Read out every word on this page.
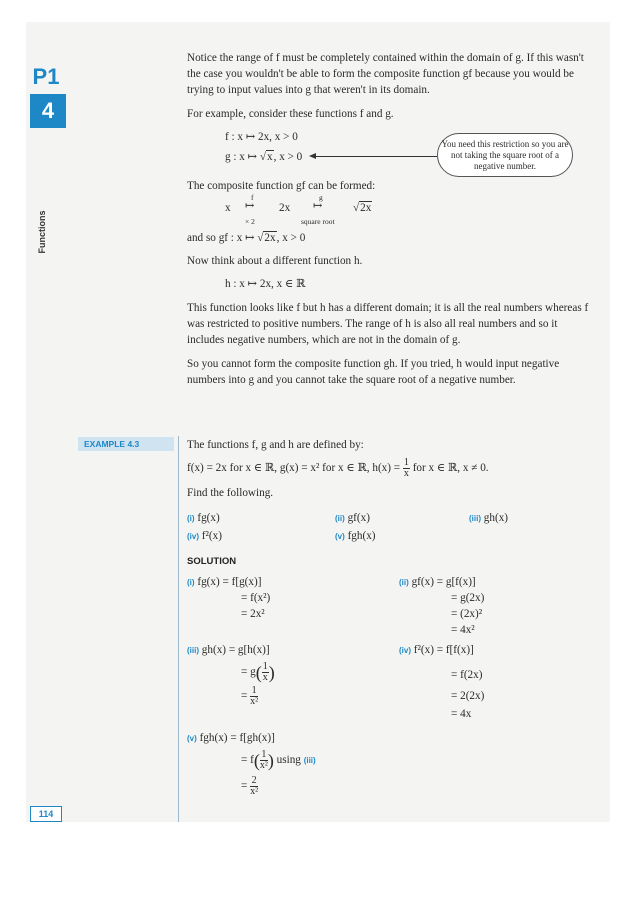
P1
4
Functions
114
EXAMPLE 4.3

Notice the range of f must be completely contained within the domain of g. If this wasn't the case you wouldn't be able to form the composite function gf because you would be trying to input values into g that weren't in its domain.

For example, consider these functions f and g.

f : x ↦ 2x, x > 0
g : x ↦ √x, x > 0
You need this restriction so you are not taking the square root of a negative number.

The composite function gf can be formed:

x
f
↦
× 2
2x
g
↦
square root
√2x
and so gf : x ↦ √2x, x > 0

Now think about a different function h.

h : x ↦ 2x, x ∈ ℝ

This function looks like f but h has a different domain; it is all the real numbers whereas f was restricted to positive numbers. The range of h is also all real numbers and so it includes negative numbers, which are not in the domain of g.

So you cannot form the composite function gh. If you tried, h would input negative numbers into g and you cannot take the square root of a negative number.

The functions f, g and h are defined by:

f(x) = 2x for x ∈ ℝ, g(x) = x² for x ∈ ℝ, $h(x) = \frac{1}{x}$ for x ∈ ℝ, x ≠ 0.

Find the following.

(i) fg(x)	(ii) gf(x)	(iii) gh(x)
(iv) f²(x)	(v) fgh(x)
SOLUTION
(i) fg(x) = f[g(x)]
= f(x²)
= 2x²
(ii) gf(x) = g[f(x)]
= g(2x)
= (2x)²
= 4x²
(iii) gh(x) = g[h(x)]
= $g( \frac{1}{x}$ )
= $\frac{1}{\text{x²}}$
(iv) f²(x) = f[f(x)]
= f(2x)
= 2(2x)
= 4x
(v) fgh(x) = f[gh(x)]
= $f( \frac{1}{\text{x²}}$ ) using (iii)
= $\frac{2}{\text{x²}}$
